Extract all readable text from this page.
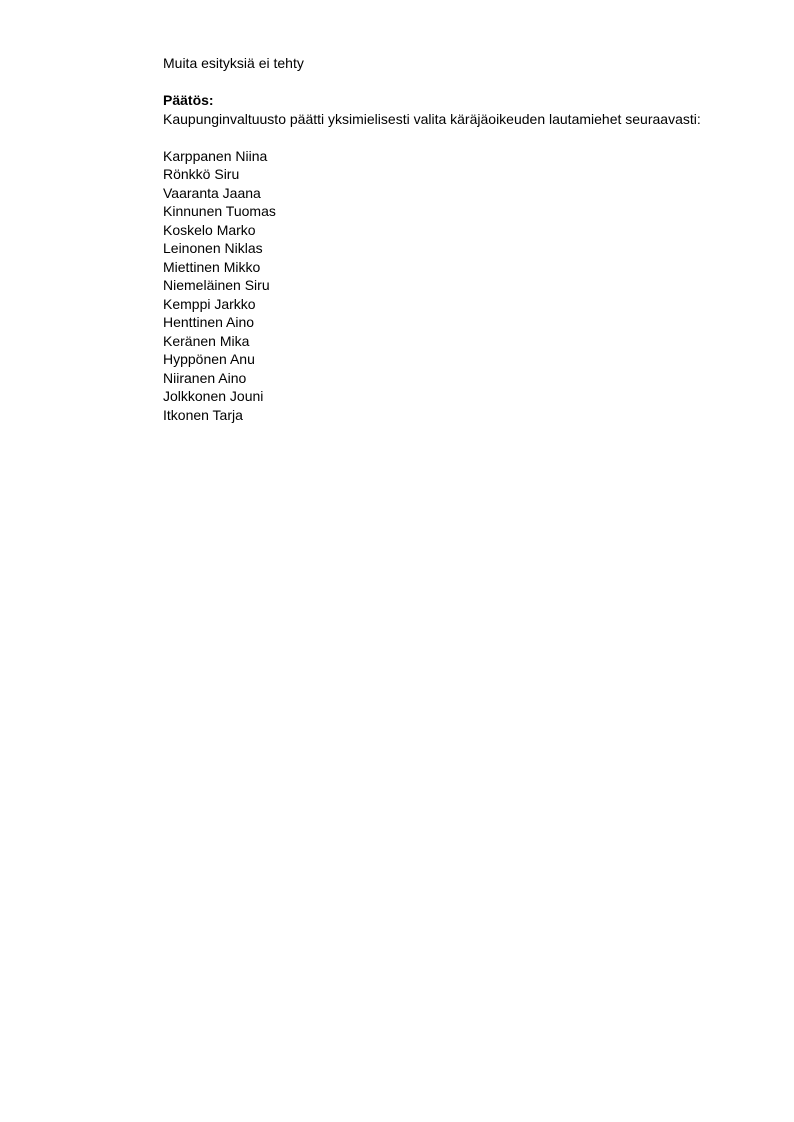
Muita esityksiä ei tehty

Päätös:

Kaupunginvaltuusto päätti yksimielisesti valita käräjäoikeuden lautamiehet seuraavasti:

Karppanen Niina
Rönkkö Siru
Vaaranta Jaana
Kinnunen Tuomas
Koskelo Marko
Leinonen Niklas
Miettinen Mikko
Niemeläinen Siru
Kemppi Jarkko
Henttinen Aino
Keränen Mika
Hyppönen Anu
Niiranen Aino
Jolkkonen Jouni
Itkonen Tarja
